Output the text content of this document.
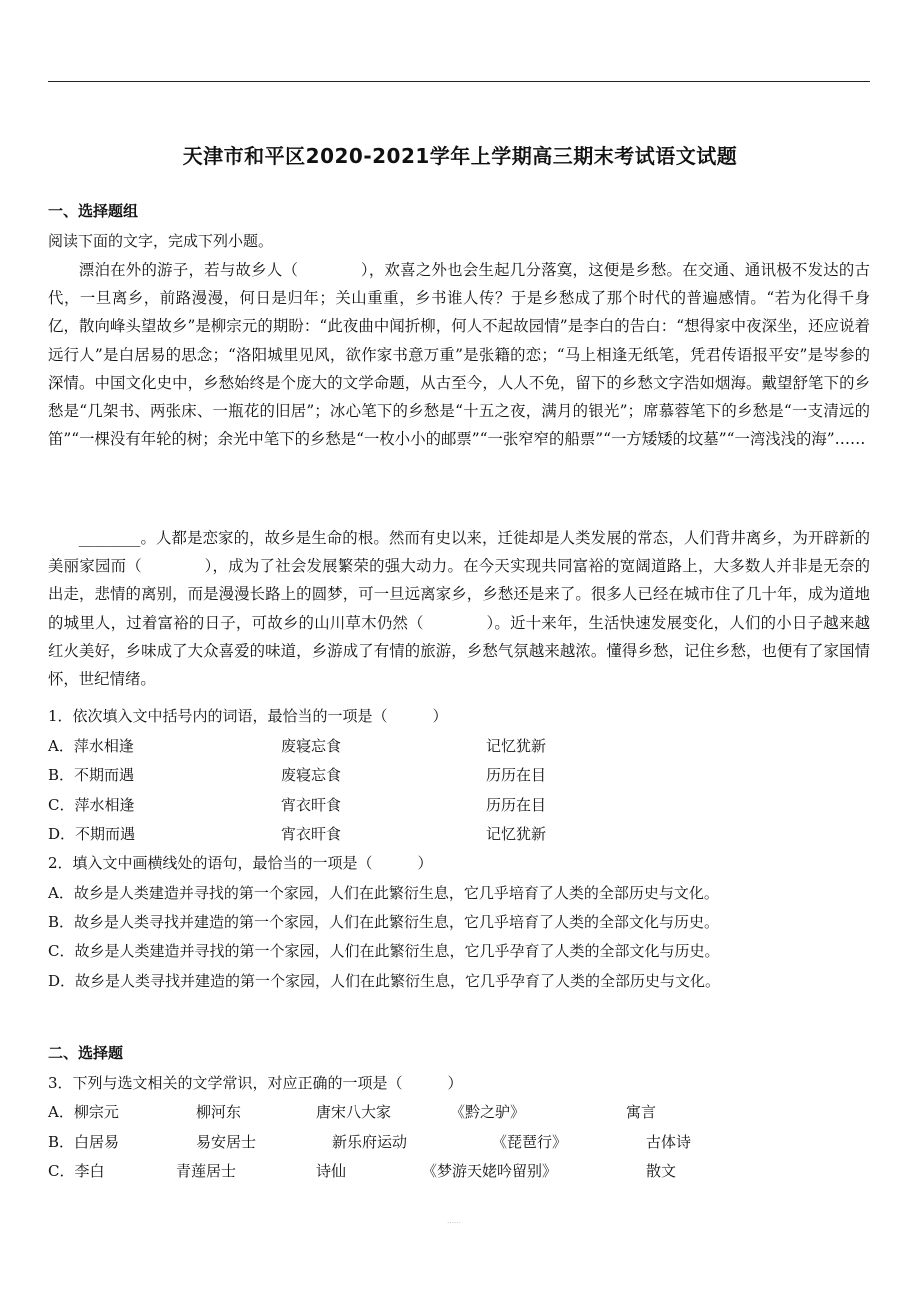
天津市和平区2020-2021学年上学期高三期末考试语文试题
一、选择题组
阅读下面的文字，完成下列小题。

漂泊在外的游子，若与故乡人（　　　　），欢喜之外也会生起几分落寞，这便是乡愁。在交通、通讯极不发达的古代，一旦离乡，前路漫漫，何日是归年；关山重重，乡书谁人传？于是乡愁成了那个时代的普遍感情。“若为化得千身亿，散向峰头望故乡”是柳宗元的期盼：“此夜曲中闻折柳，何人不起故园情”是李白的告白：“想得家中夜深坐，还应说着远行人”是白居易的思念；“洛阳城里见风，欲作家书意万重”是张籍的恋；“马上相逢无纸笔，凭君传语报平安”是岑参的深情。中国文化史中，乡愁始终是个庞大的文学命题，从古至今，人人不免，留下的乡愁文字浩如烟海。戴望舒笔下的乡愁是“几架书、两张床、一瓶花的旧居”；冰心笔下的乡愁是“十五之夜，满月的银光”；席慕蓉笔下的乡愁是“一支清远的笛”“一棵没有年轮的树；余光中笔下的乡愁是“一枚小小的邮票”“一张窄窄的船票”“一方矮矮的坟墓”“一湾浅浅的海”……

________。人都是恋家的，故乡是生命的根。然而有史以来，迁徙却是人类发展的常态，人们背井离乡，为开辟新的美丽家园而（　　　　），成为了社会发展繁荣的强大动力。在今天实现共同富裕的宽阔道路上，大多数人并非是无奈的出走，悲情的离别，而是漫漫长路上的圆梦，可一旦远离家乡，乡愁还是来了。很多人已经在城市住了几十年，成为道地的城里人，过着富裕的日子，可故乡的山川草木仍然（　　　　）。近十来年，生活快速发展变化，人们的小日子越来越红火美好，乡味成了大众喜爱的味道，乡游成了有情的旅游，乡愁气氛越来越浓。懂得乡愁，记住乡愁，也便有了家国情怀，世纪情绪。

1．依次填入文中括号内的词语，最恰当的一项是（　　　）
A．萍水相逢	废寝忘食	记忆犹新
B．不期而遇	废寝忘食	历历在目
C．萍水相逢	宵衣旰食	历历在目
D．不期而遇	宵衣旰食	记忆犹新
2．填入文中画横线处的语句，最恰当的一项是（　　　）
A．故乡是人类建造并寻找的第一个家园，人们在此繁衍生息，它几乎培育了人类的全部历史与文化。
B．故乡是人类寻找并建造的第一个家园，人们在此繁衍生息，它几乎培育了人类的全部文化与历史。
C．故乡是人类建造并寻找的第一个家园，人们在此繁衍生息，它几乎孕育了人类的全部文化与历史。
D．故乡是人类寻找并建造的第一个家园，人们在此繁衍生息，它几乎孕育了人类的全部历史与文化。
二、选择题
3．下列与选文相关的文学常识，对应正确的一项是（　　　）
A．柳宗元	柳河东	唐宋八大家	《黔之驴》	寓言
B．白居易	易安居士	新乐府运动	《琵琶行》	古体诗
C．李白	青莲居士	诗仙	《梦游天姥吟留别》	散文
……
